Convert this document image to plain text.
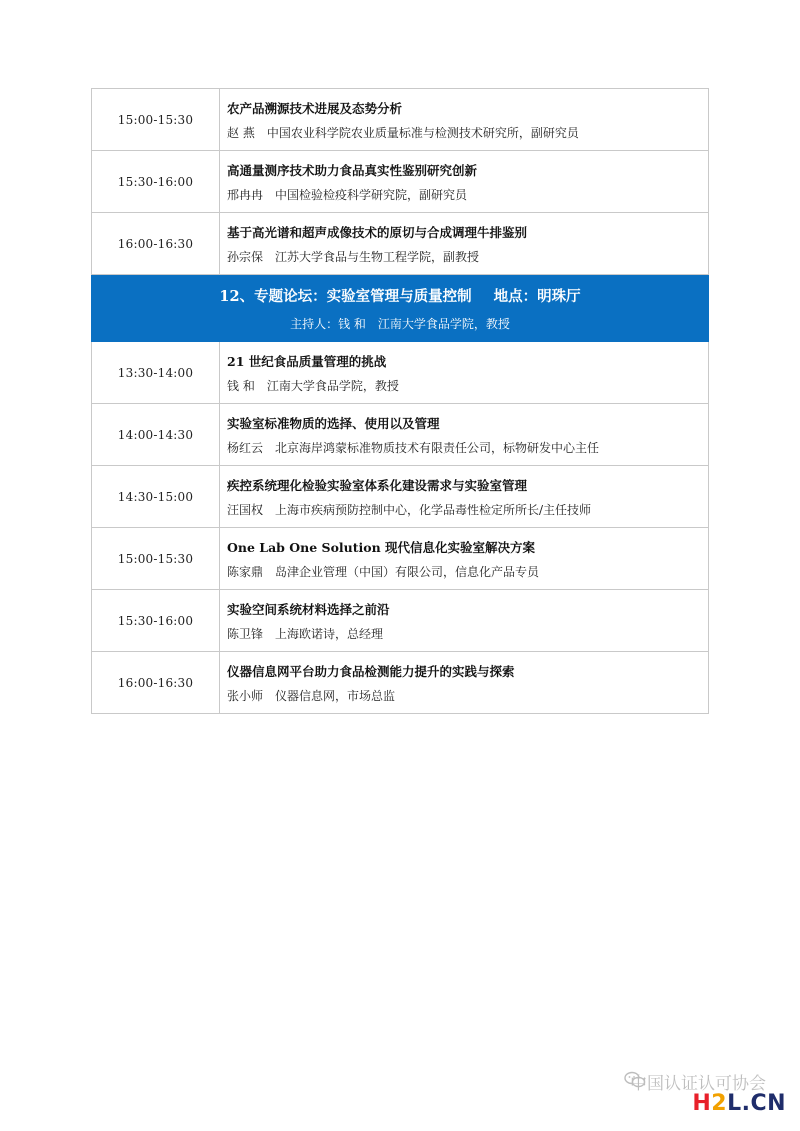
15:00-15:30	农产品溯源技术进展及态势分析
赵 燕 中国农业科学院农业质量标准与检测技术研究所，副研究员

15:30-16:00	高通量测序技术助力食品真实性鉴别研究创新
邢冉冉 中国检验检疫科学研究院，副研究员

16:00-16:30	基于高光谱和超声成像技术的原切与合成调理牛排鉴别
孙宗保 江苏大学食品与生物工程学院，副教授

12、专题论坛：实验室管理与质量控制 地点：明珠厅
主持人：钱 和 江南大学食品学院，教授	

13:30-14:00	21 世纪食品质量管理的挑战
钱 和 江南大学食品学院，教授

14:00-14:30	实验室标准物质的选择、使用以及管理
杨红云 北京海岸鸿蒙标准物质技术有限责任公司，标物研发中心主任

14:30-15:00	疾控系统理化检验实验室体系化建设需求与实验室管理
汪国权 上海市疾病预防控制中心，化学品毒性检定所所长/主任技师

15:00-15:30	One Lab One Solution 现代信息化实验室解决方案
陈家鼎 岛津企业管理（中国）有限公司，信息化产品专员

15:30-16:00	实验空间系统材料选择之前沿
陈卫锋 上海欧诺诗，总经理

16:00-16:30	仪器信息网平台助力食品检测能力提升的实践与探索
张小师 仪器信息网，市场总监
中国认证认可协会
H2L.CN
